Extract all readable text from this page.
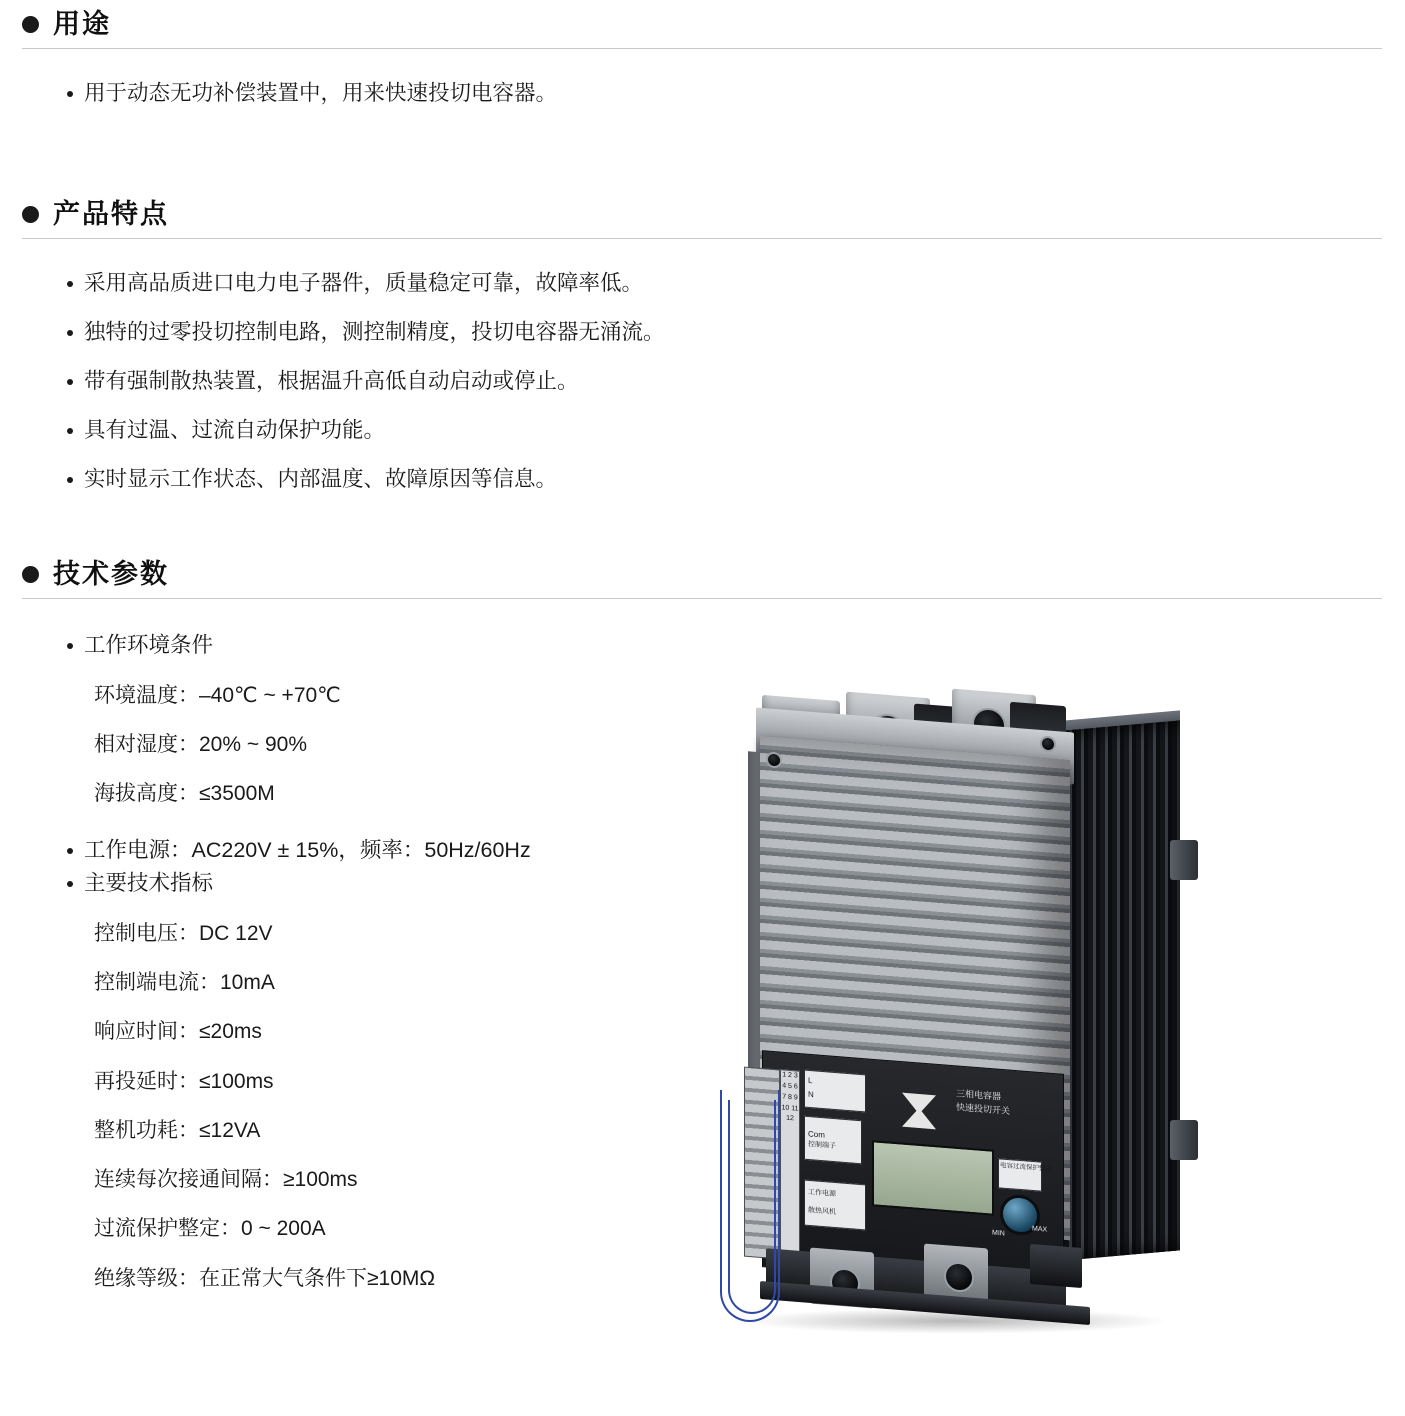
用途
用于动态无功补偿装置中，用来快速投切电容器。
产品特点
采用高品质进口电力电子器件，质量稳定可靠，故障率低。
独特的过零投切控制电路，测控制精度，投切电容器无涌流。
带有强制散热装置，根据温升高低自动启动或停止。
具有过温、过流自动保护功能。
实时显示工作状态、内部温度、故障原因等信息。
技术参数
工作环境条件
环境温度：–40℃ ~ +70℃
相对湿度：20% ~ 90%
海拔高度：≤3500M
工作电源：AC220V ± 15%，频率：50Hz/60Hz
主要技术指标
控制电压：DC 12V
控制端电流：10mA
响应时间：≤20ms
再投延时：≤100ms
整机功耗：≤12VA
连续每次接通间隔：≥100ms
过流保护整定：0 ~ 200A
绝缘等级：在正常大气条件下≥10MΩ
1 2 3 4 5 6 7 8 9 10 11 12
L
N
Com
控制端子
工作电源
散热风机
三相电容器
快速投切开关
电容过流保护整定
MIN	MAX
